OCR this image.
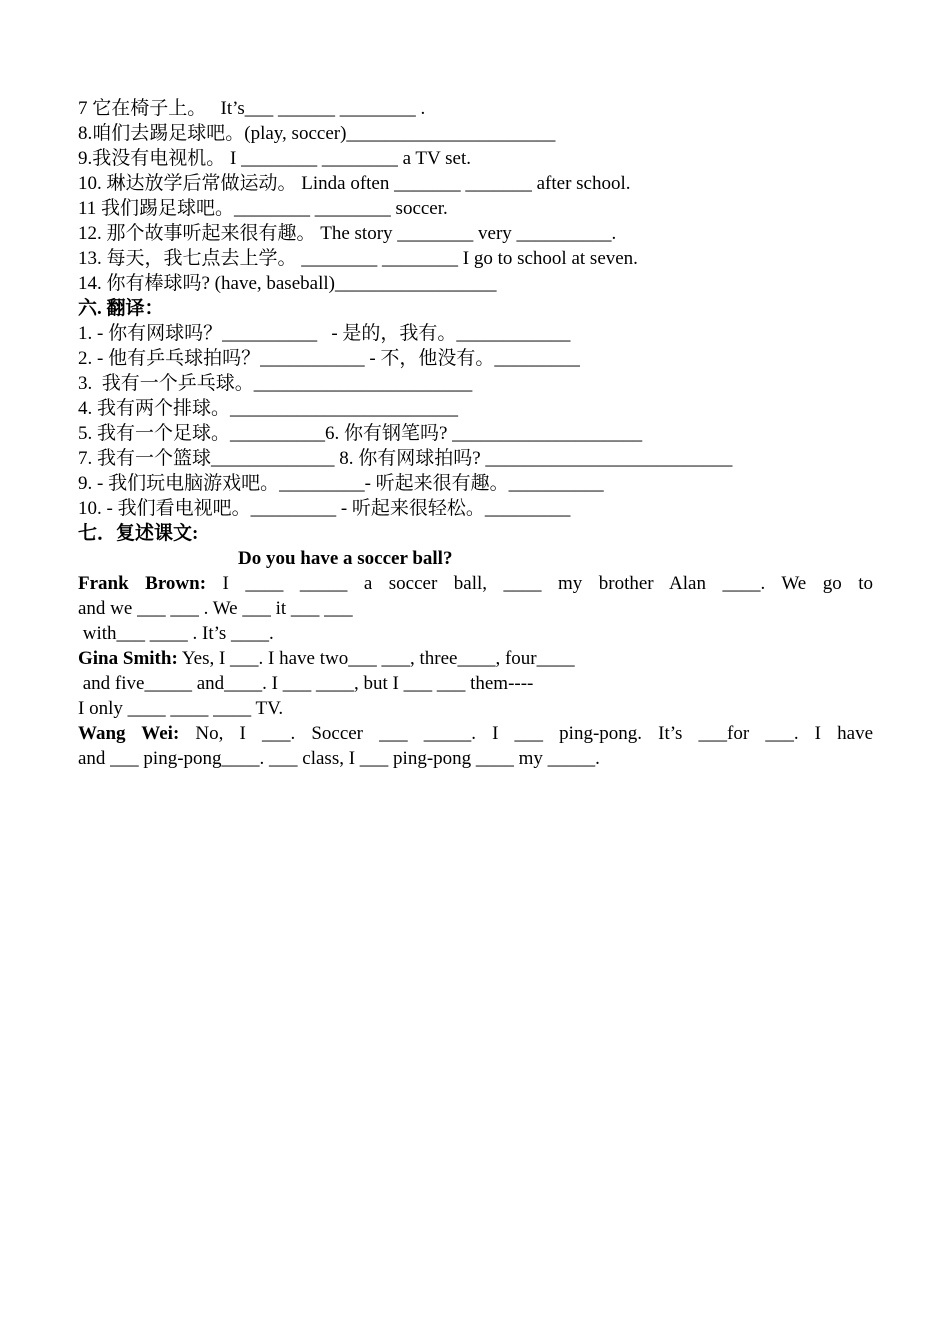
7 它在椅子上。   It’s___ ______ ________ .
8.咱们去踢足球吧。(play, soccer)______________________
9.我没有电视机。 I ________ ________ a TV set.
10. 琳达放学后常做运动。 Linda often _______ _______ after school.
11 我们踢足球吧。________ ________ soccer.
12. 那个故事听起来很有趣。 The story ________ very __________.
13. 每天，我七点去上学。 ________ ________ I go to school at seven.
14. 你有棒球吗? (have, baseball)_________________
六. 翻译：
1. - 你有网球吗？__________   - 是的，我有。____________
2. - 他有乒乓球拍吗？___________ - 不，他没有。_________
3.  我有一个乒乓球。_______________________
4. 我有两个排球。________________________
5. 我有一个足球。__________6. 你有钢笔吗? ____________________
7. 我有一个篮球_____________ 8. 你有网球拍吗? __________________________
9. - 我们玩电脑游戏吧。_________- 听起来很有趣。__________
10. - 我们看电视吧。_________ - 听起来很轻松。_________
七．复述课文:
Do you have a soccer ball?
Frank Brown: I ____ _____ a soccer ball, ____ my brother Alan ____. We go to
and we ___ ___ . We ___ it ___ ___
with___ ____ . It’s ____.
Gina Smith: Yes, I ___. I have two___ ___, three____, four____
and five_____ and____. I ___ ____, but I ___ ___ them----
I only ____ ____ ____ TV.
Wang Wei: No, I ___. Soccer ___ _____. I ___ ping-pong. It’s ___for ___. I have
and ___ ping-pong____. ___ class, I ___ ping-pong ____ my _____.
